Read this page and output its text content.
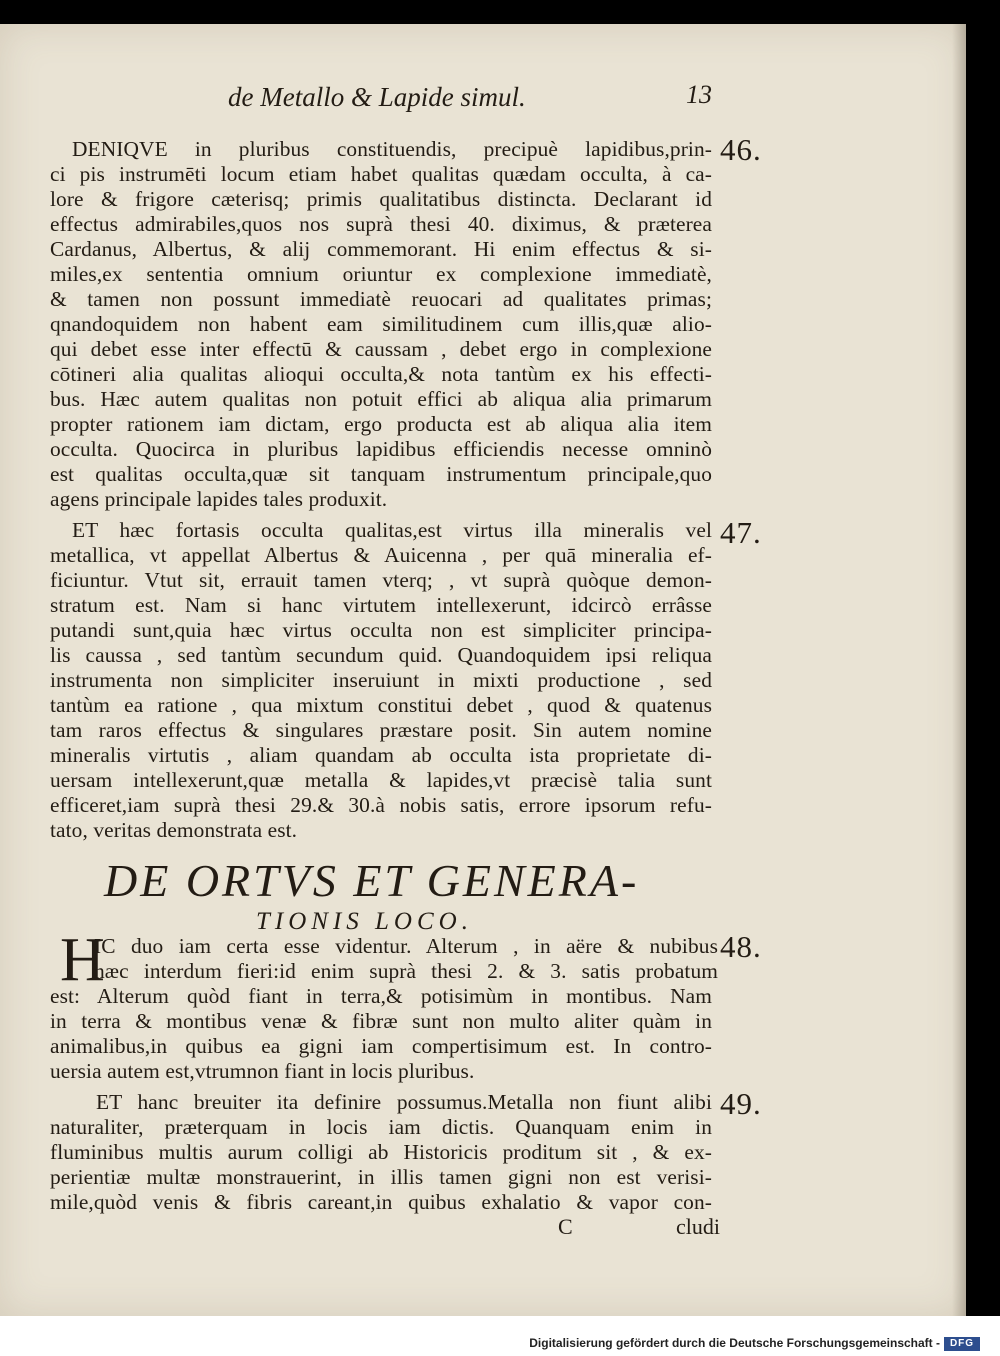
de Metallo & Lapide simul.	13

DENIQVE in pluribus constituendis, precipuè lapidibus,prin-

ci pis instrumēti locum etiam habet qualitas quædam occulta, à ca-

lore & frigore cæterisq; primis qualitatibus distincta. Declarant id

effectus admirabiles,quos nos suprà thesi 40. diximus, & præterea

Cardanus, Albertus, & alij commemorant. Hi enim effectus & si-

miles,ex sententia omnium oriuntur ex complexione immediatè,

& tamen non possunt immediatè reuocari ad qualitates primas;

qnandoquidem non habent eam similitudinem cum illis,quæ alio-

qui debet esse inter effectū & caussam , debet ergo in complexione

cōtineri alia qualitas alioqui occulta,& nota tantùm ex his effecti-

bus. Hæc autem qualitas non potuit effici ab aliqua alia primarum

propter rationem iam dictam, ergo producta est ab aliqua alia item

occulta. Quocirca in pluribus lapidibus efficiendis necesse omninò

est qualitas occulta,quæ sit tanquam instrumentum principale,quo

agens principale lapides tales produxit.

ET hæc fortasis occulta qualitas,est virtus illa mineralis vel

metallica, vt appellat Albertus & Auicenna , per quā mineralia ef-

ficiuntur. Vtut sit, errauit tamen vterq; , vt suprà quòque demon-

stratum est. Nam si hanc virtutem intellexerunt, idcircò errâsse

putandi sunt,quia hæc virtus occulta non est simpliciter principa-

lis caussa , sed tantùm secundum quid. Quandoquidem ipsi reliqua

instrumenta non simpliciter inseruiunt in mixti productione , sed

tantùm ea ratione , qua mixtum constitui debet , quod & quatenus

tam raros effectus & singulares præstare posit. Sin autem nomine

mineralis virtutis , aliam quandam ab occulta ista proprietate di-

uersam intellexerunt,quæ metalla & lapides,vt præcisè talia sunt

efficeret,iam suprà thesi 29.& 30.à nobis satis, errore ipsorum refu-

tato, veritas demonstrata est.

DE ORTVS ET GENERA-
TIONIS LOCO.
H

IC duo iam certa esse videntur. Alterum , in aëre & nubibus

hæc interdum fieri:id enim suprà thesi 2. & 3. satis probatum

est: Alterum quòd fiant in terra,& potisimùm in montibus. Nam

in terra & montibus venæ & fibræ sunt non multo aliter quàm in

animalibus,in quibus ea gigni iam compertisimum est. In contro-

uersia autem est,vtrumnon fiant in locis pluribus.

ET hanc breuiter ita definire possumus.Metalla non fiunt alibi

naturaliter, præterquam in locis iam dictis. Quanquam enim in

fluminibus multis aurum colligi ab Historicis proditum sit , & ex-

perientiæ multæ monstrauerint, in illis tamen gigni non est verisi-

mile,quòd venis & fibris careant,in quibus exhalatio & vapor con-

C	cludi
46.
47.
48.
49.
Digitalisierung gefördert durch die Deutsche Forschungsgemeinschaft - DFG
